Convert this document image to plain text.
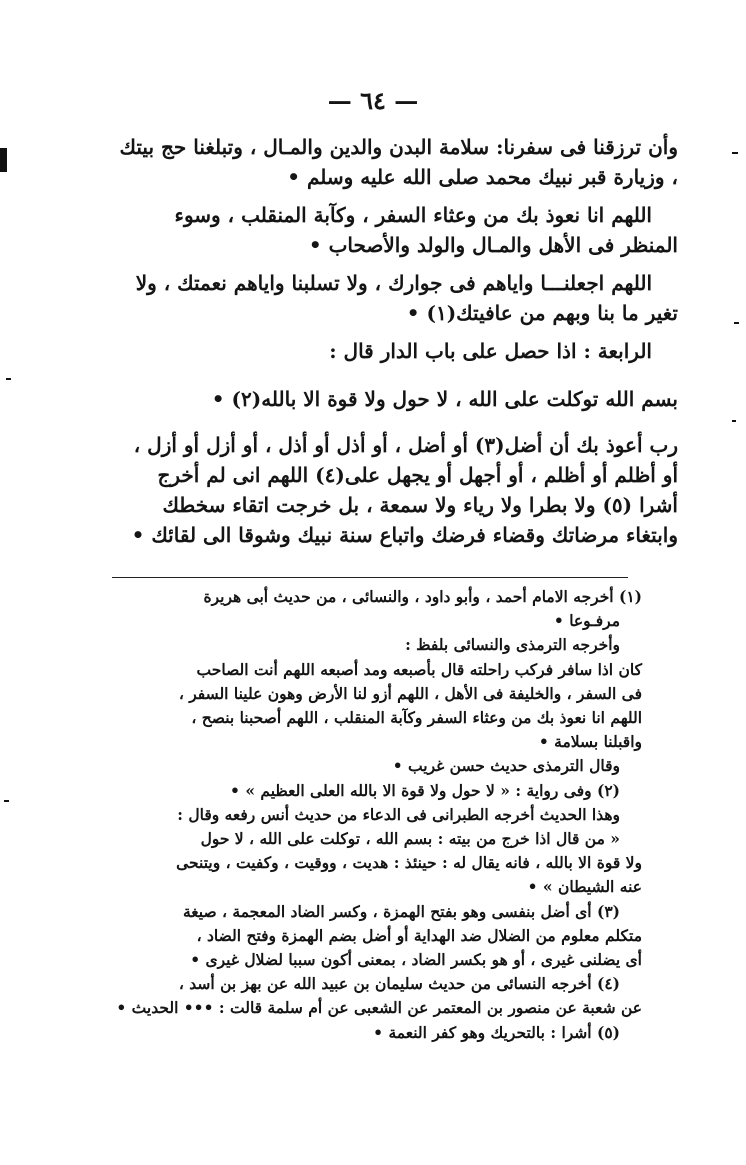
— ٦٤ —

وأن ترزقنا فى سفرنا: سلامة البدن والدين والمـال ، وتبلغنا حج بيتك ، وزيارة قبر نبيك محمد صلى الله عليه وسلم •

اللهم انا نعوذ بك من وعثاء السفر ، وكآبة المنقلب ، وسوء المنظر فى الأهل والمـال والولد والأصحاب •

اللهم اجعلنـــا واياهم فى جوارك ، ولا تسلبنا واياهم نعمتك ، ولا تغير ما بنا وبهم من عافيتك(١) •

الرابعة : اذا حصل على باب الدار قال :

بسم الله توكلت على الله ، لا حول ولا قوة الا بالله(٢) •

رب أعوذ بك أن أضل(٣) أو أضل ، أو أذل أو أذل ، أو أزل أو أزل ، أو أظلم أو أظلم ، أو أجهل أو يجهل على(٤) اللهم انى لم أخرج أشرا (٥) ولا بطرا ولا رياء ولا سمعة ، بل خرجت اتقاء سخطك وابتغاء مرضاتك وقضاء فرضك واتباع سنة نبيك وشوقا الى لقائك •

(١) أخرجه الامام أحمد ، وأبو داود ، والنسائى ، من حديث أبى هريرة

مرفـوعا •

وأخرجه الترمذى والنسائى بلفظ :

كان اذا سافر فركب راحلته قال بأصبعه ومد أصبعه اللهم أنت الصاحب

فى السفر ، والخليفة فى الأهل ، اللهم أزو لنا الأرض وهون علينا السفر ،

اللهم انا نعوذ بك من وعثاء السفر وكآبة المنقلب ، اللهم أصحبنا بنصح ،

واقبلنا بسلامة •

وقال الترمذى حديث حسن غريب •

(٢) وفى رواية : « لا حول ولا قوة الا بالله العلى العظيم » •

وهذا الحديث أخرجه الطبرانى فى الدعاء من حديث أنس رفعه وقال :

« من قال اذا خرج من بيته : بسم الله ، توكلت على الله ، لا حول

ولا قوة الا بالله ، فانه يقال له : حينئذ : هديت ، ووقيت ، وكفيت ، ويتنحى

عنه الشيطان » •

(٣) أى أضل بنفسى وهو بفتح الهمزة ، وكسر الضاد المعجمة ، صيغة

متكلم معلوم من الضلال ضد الهداية أو أضل بضم الهمزة وفتح الضاد ،

أى يضلنى غيرى ، أو هو بكسر الضاد ، بمعنى أكون سببا لضلال غيرى •

(٤) أخرجه النسائى من حديث سليمان بن عبيد الله عن بهز بن أسد ،

عن شعبة عن منصور بن المعتمر عن الشعبى عن أم سلمة قالت : ••• الحديث •

(٥) أشرا : بالتحريك وهو كفر النعمة •
